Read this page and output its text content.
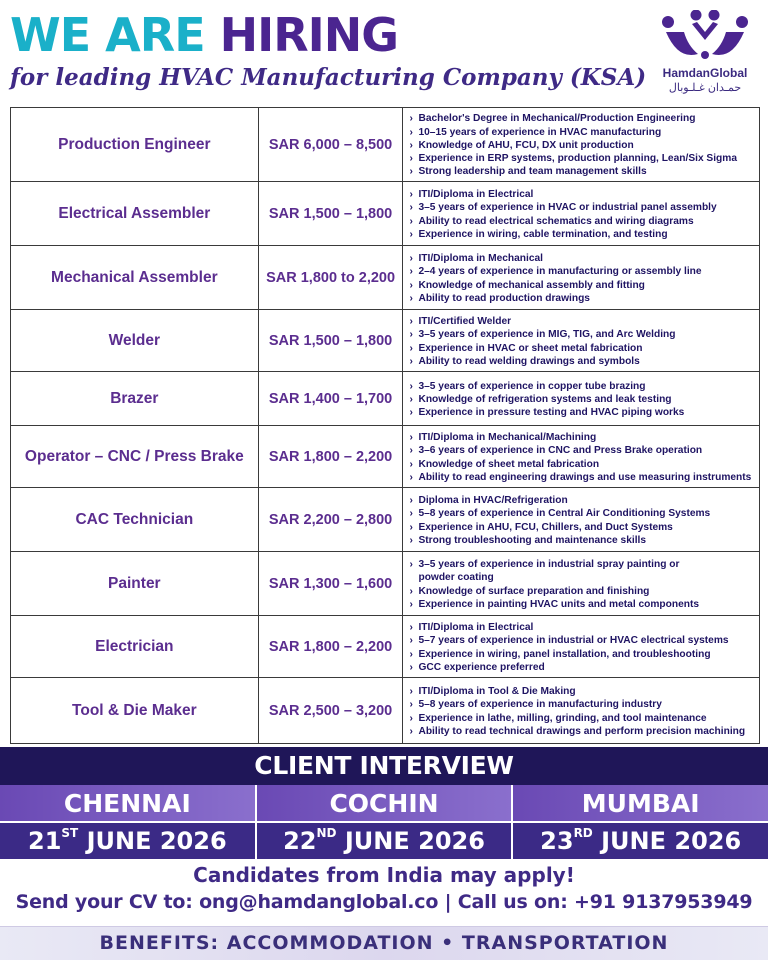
WE ARE HIRING
for leading HVAC Manufacturing Company (KSA)	HamdanGlobal
حمـدان غـلـوبال
Production Engineer	SAR 6,000 – 8,500
› Bachelor's Degree in Mechanical/Production Engineering
› 10–15 years of experience in HVAC manufacturing
› Knowledge of AHU, FCU, DX unit production
› Experience in ERP systems, production planning, Lean/Six Sigma
› Strong leadership and team management skills
Electrical Assembler	SAR 1,500 – 1,800
› ITI/Diploma in Electrical
› 3–5 years of experience in HVAC or industrial panel assembly
› Ability to read electrical schematics and wiring diagrams
› Experience in wiring, cable termination, and testing
Mechanical Assembler	SAR 1,800 to 2,200
› ITI/Diploma in Mechanical
› 2–4 years of experience in manufacturing or assembly line
› Knowledge of mechanical assembly and fitting
› Ability to read production drawings
Welder	SAR 1,500 – 1,800
› ITI/Certified Welder
› 3–5 years of experience in MIG, TIG, and Arc Welding
› Experience in HVAC or sheet metal fabrication
› Ability to read welding drawings and symbols
Brazer	SAR 1,400 – 1,700
› 3–5 years of experience in copper tube brazing
› Knowledge of refrigeration systems and leak testing
› Experience in pressure testing and HVAC piping works
Operator – CNC / Press Brake	SAR 1,800 – 2,200
› ITI/Diploma in Mechanical/Machining
› 3–6 years of experience in CNC and Press Brake operation
› Knowledge of sheet metal fabrication
› Ability to read engineering drawings and use measuring instruments
CAC Technician	SAR 2,200 – 2,800
› Diploma in HVAC/Refrigeration
› 5–8 years of experience in Central Air Conditioning Systems
› Experience in AHU, FCU, Chillers, and Duct Systems
› Strong troubleshooting and maintenance skills
Painter	SAR 1,300 – 1,600
› 3–5 years of experience in industrial spray painting or
powder coating
› Knowledge of surface preparation and finishing
› Experience in painting HVAC units and metal components
Electrician	SAR 1,800 – 2,200
› ITI/Diploma in Electrical
› 5–7 years of experience in industrial or HVAC electrical systems
› Experience in wiring, panel installation, and troubleshooting
› GCC experience preferred
Tool & Die Maker	SAR 2,500 – 3,200
› ITI/Diploma in Tool & Die Making
› 5–8 years of experience in manufacturing industry
› Experience in lathe, milling, grinding, and tool maintenance
› Ability to read technical drawings and perform precision machining
CLIENT INTERVIEW
CHENNAI
21ST JUNE 2026
COCHIN
22ND JUNE 2026
MUMBAI
23RD JUNE 2026
Candidates from India may apply!
Send your CV to: ong@hamdanglobal.co | Call us on: +91 9137953949
BENEFITS: ACCOMMODATION • TRANSPORTATION
